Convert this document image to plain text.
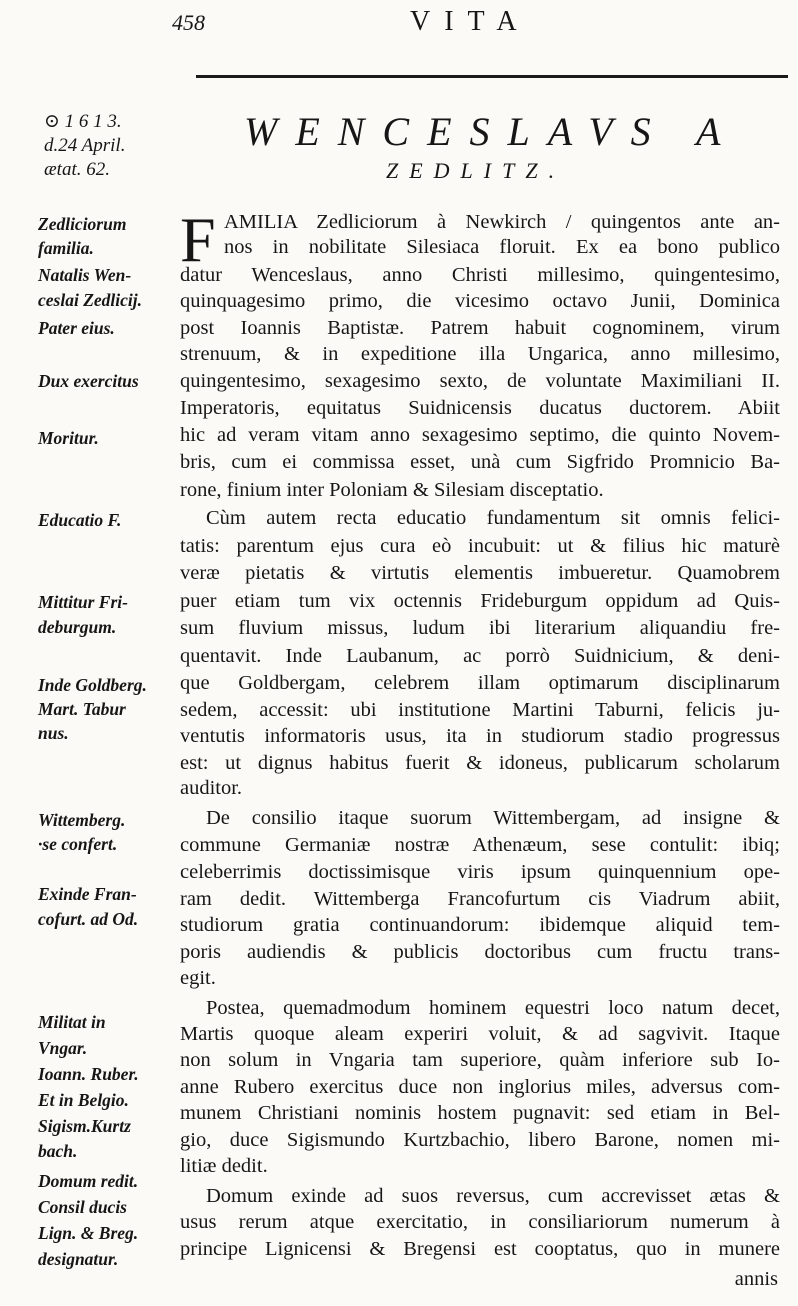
458	VITA
⊙ 1 6 1 3.
d.24 April.
ætat. 62.
WENCESLAVS A
ZEDLITZ.
Zedliciorum
familia.
Natalis Wen-
ceslai Zedlicij.
Pater eius.
Dux exercitus
Moritur.
Educatio F.
Mittitur Fri-
deburgum.
Inde Goldberg.
Mart. Tabur
nus.
Wittemberg.
·se confert.
Exinde Fran-
cofurt. ad Od.
Militat in
Vngar.
Ioann. Ruber.
Et in Belgio.
Sigism.Kurtz
bach.
Domum redit.
Consil ducis
Lign. & Breg.
designatur.
F AMILIA Zedliciorum à Newkirch / quingentos ante an-
nos in nobilitate Silesiaca floruit. Ex ea bono publico
datur Wenceslaus, anno Christi millesimo, quingentesimo,
quinquagesimo primo, die vicesimo octavo Junii, Dominica
post Ioannis Baptistæ. Patrem habuit cognominem, virum
strenuum, & in expeditione illa Ungarica, anno millesimo,
quingentesimo, sexagesimo sexto, de voluntate Maximiliani II.
Imperatoris, equitatus Suidnicensis ducatus ductorem. Abiit
hic ad veram vitam anno sexagesimo septimo, die quinto Novem-
bris, cum ei commissa esset, unà cum Sigfrido Promnicio Ba-
rone, finium inter Poloniam & Silesiam disceptatio.
Cùm autem recta educatio fundamentum sit omnis felici-
tatis: parentum ejus cura eò incubuit: ut & filius hic maturè
veræ pietatis & virtutis elementis imbueretur. Quamobrem
puer etiam tum vix octennis Frideburgum oppidum ad Quis-
sum fluvium missus, ludum ibi literarium aliquandiu fre-
quentavit. Inde Laubanum, ac porrò Suidnicium, & deni-
que Goldbergam, celebrem illam optimarum disciplinarum
sedem, accessit: ubi institutione Martini Taburni, felicis ju-
ventutis informatoris usus, ita in studiorum stadio progressus
est: ut dignus habitus fuerit & idoneus, publicarum scholarum
auditor.
De consilio itaque suorum Wittembergam, ad insigne &
commune Germaniæ nostræ Athenæum, sese contulit: ibiq;
celeberrimis doctissimisque viris ipsum quinquennium ope-
ram dedit. Wittemberga Francofurtum cis Viadrum abiit,
studiorum gratia continuandorum: ibidemque aliquid tem-
poris audiendis & publicis doctoribus cum fructu trans-
egit.
Postea, quemadmodum hominem equestri loco natum decet,
Martis quoque aleam experiri voluit, & ad sagvivit. Itaque
non solum in Vngaria tam superiore, quàm inferiore sub Io-
anne Rubero exercitus duce non inglorius miles, adversus com-
munem Christiani nominis hostem pugnavit: sed etiam in Bel-
gio, duce Sigismundo Kurtzbachio, libero Barone, nomen mi-
litiæ dedit.
Domum exinde ad suos reversus, cum accrevisset ætas &
usus rerum atque exercitatio, in consiliariorum numerum à
principe Lignicensi & Bregensi est cooptatus, quo in munere
annis
